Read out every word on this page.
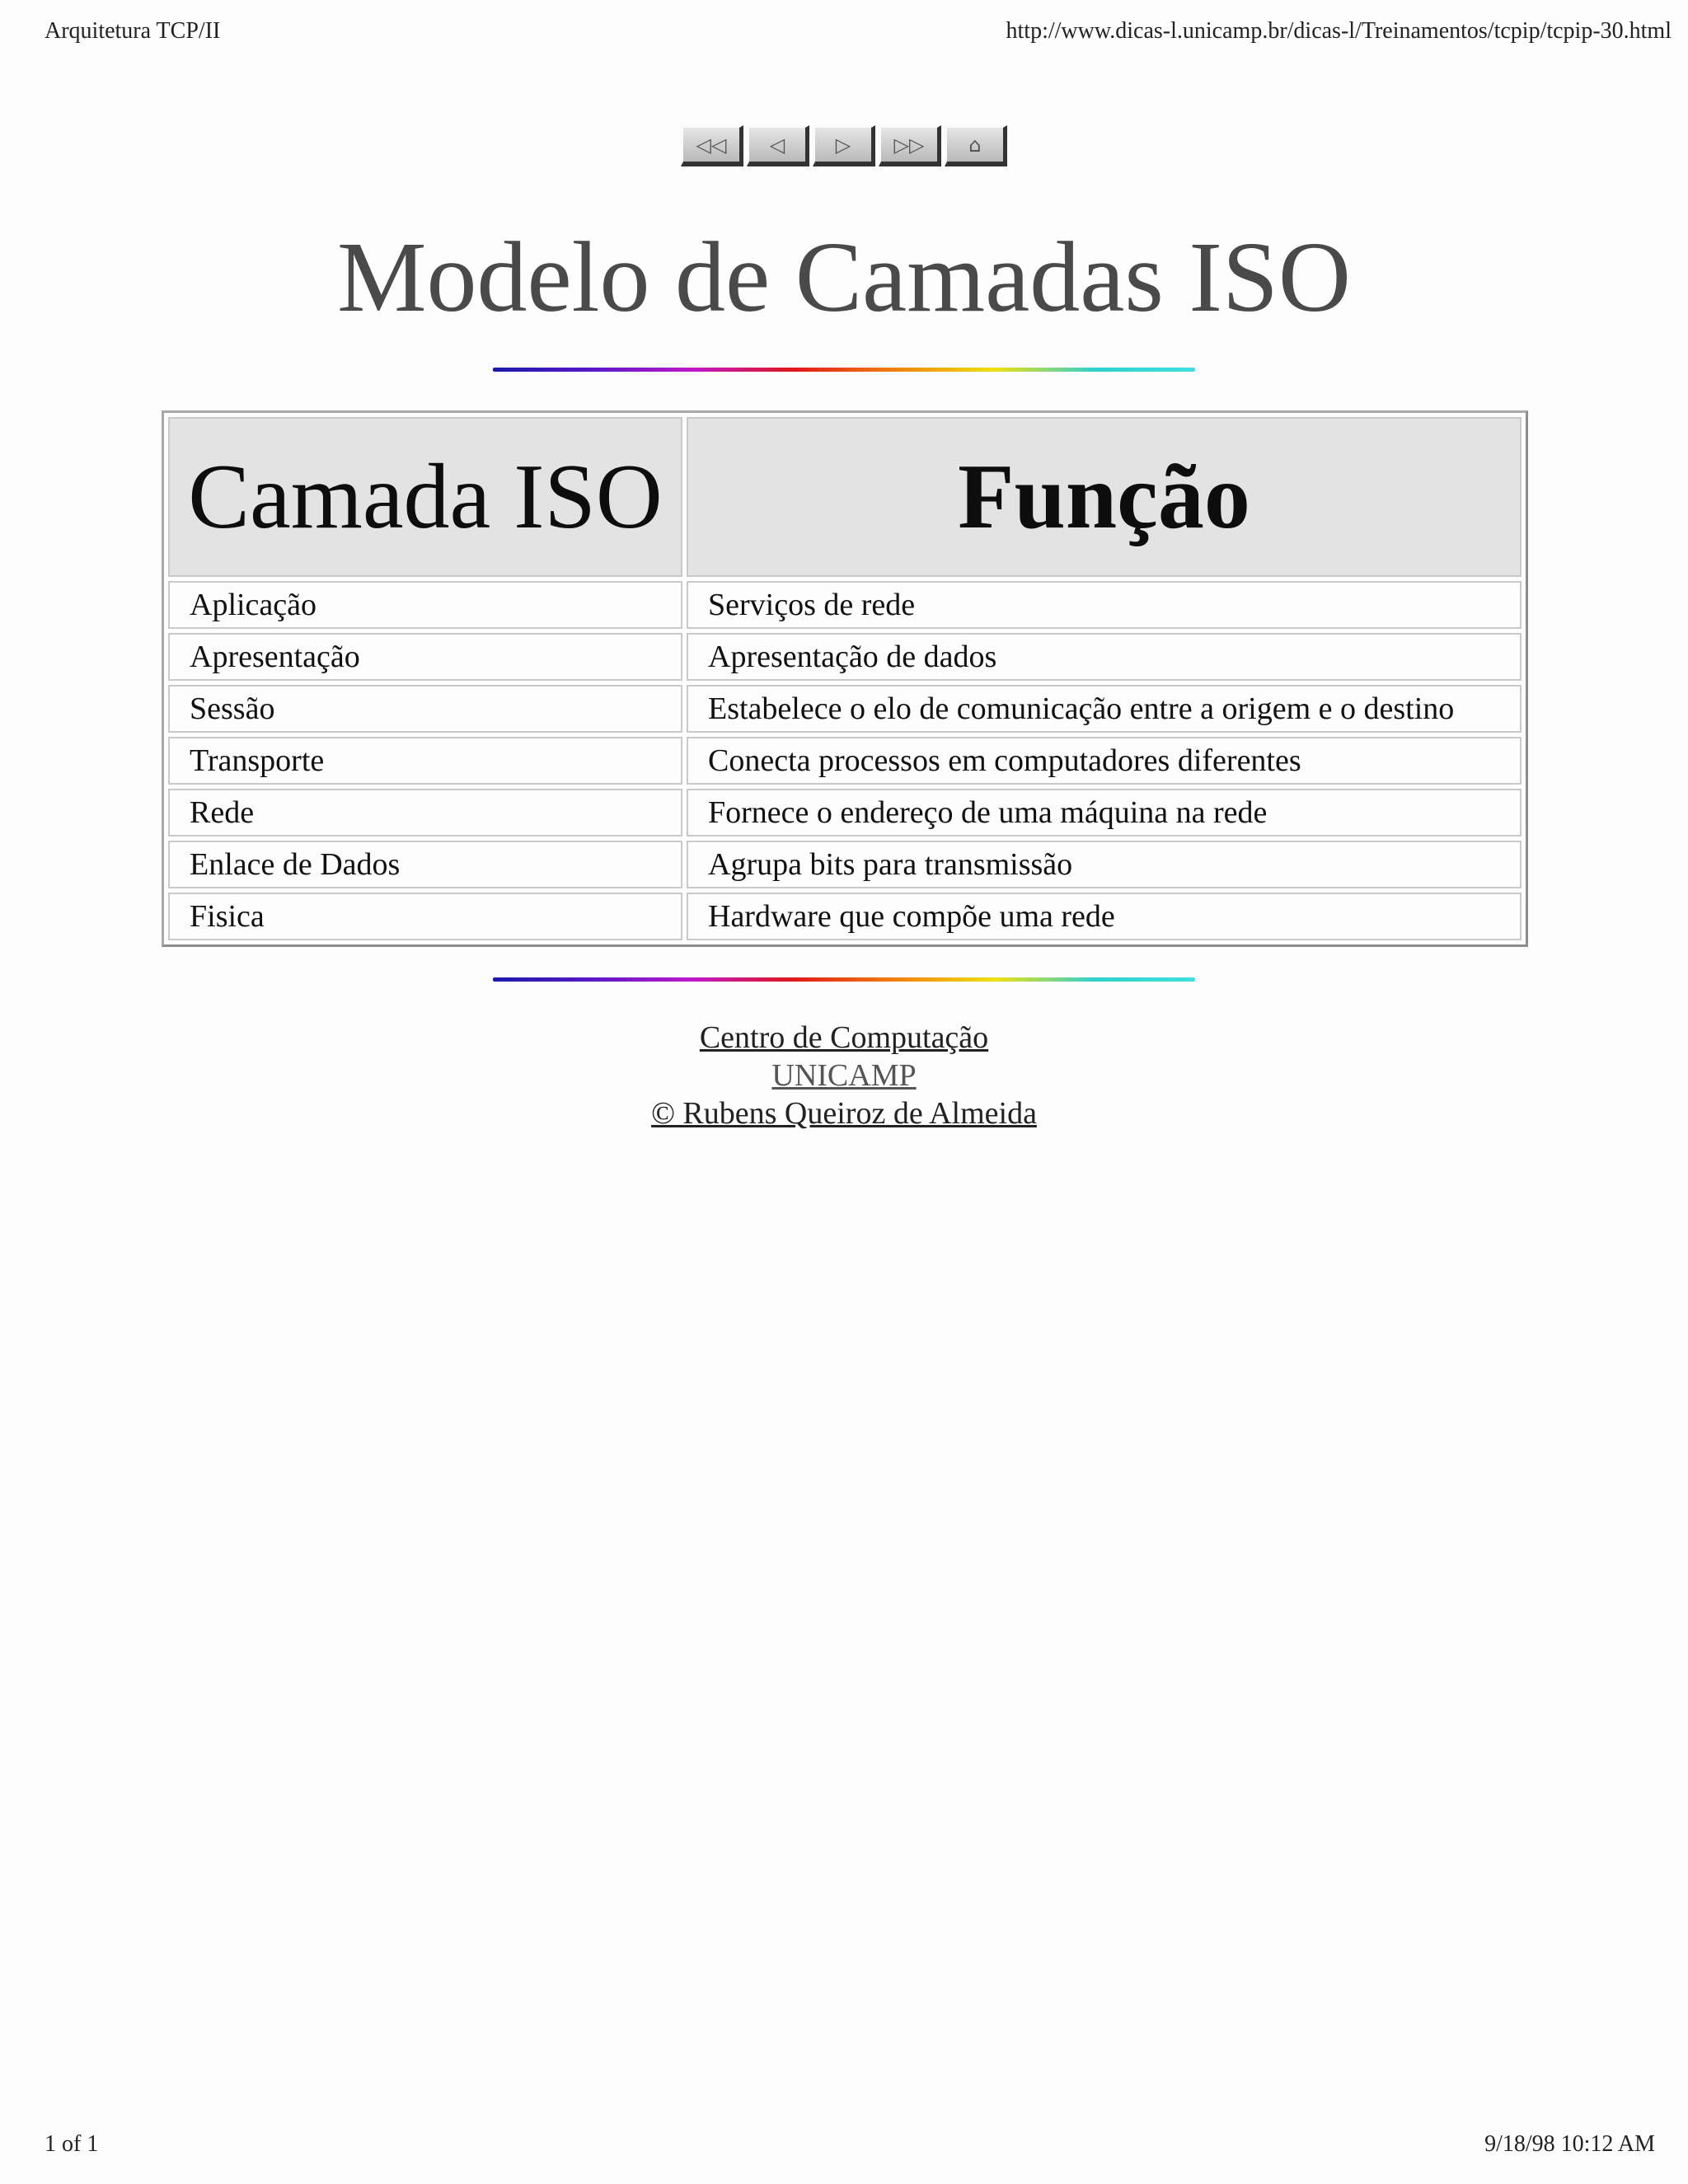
Arquitetura TCP/II	http://www.dicas-l.unicamp.br/dicas-l/Treinamentos/tcpip/tcpip-30.html
◁◁	◁	▷	▷▷	⌂
Modelo de Camadas ISO
Camada ISO	Função
Aplicação	Serviços de rede
Apresentação	Apresentação de dados
Sessão	Estabelece o elo de comunicação entre a origem e o destino
Transporte	Conecta processos em computadores diferentes
Rede	Fornece o endereço de uma máquina na rede
Enlace de Dados	Agrupa bits para transmissão
Fisica	Hardware que compõe uma rede
Centro de Computação
UNICAMP
© Rubens Queiroz de Almeida
1 of 1	9/18/98 10:12 AM
